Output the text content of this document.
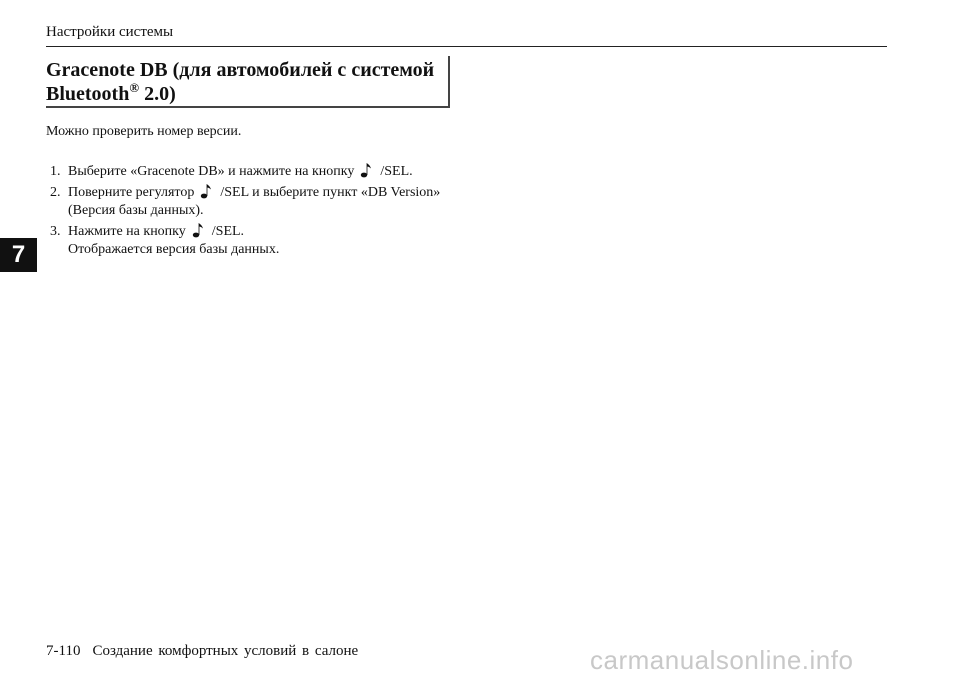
Настройки системы
7
Gracenote DB (для автомобилей с системой
Bluetooth® 2.0)
Можно проверить номер версии.
1. Выберите «Gracenote DB» и нажмите на кнопку /SEL.
2. Поверните регулятор /SEL и выберите пункт «DB Version»
(Версия базы данных).
3. Нажмите на кнопку /SEL.
Отображается версия базы данных.
7-110 Создание комфортных условий в салоне	carmanualsonline.info
